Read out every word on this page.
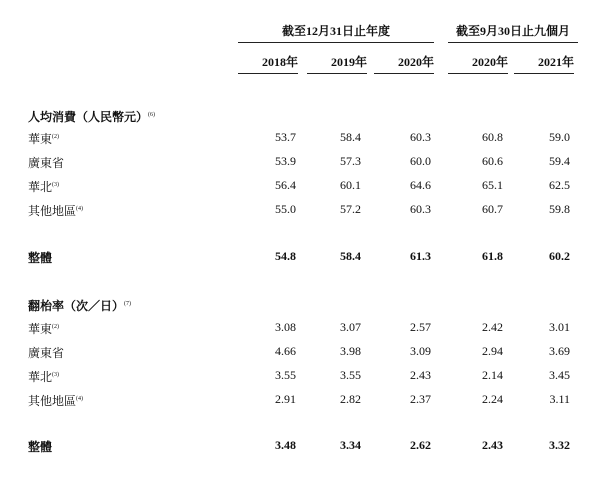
截至12月31日止年度	截至9月30日止九個月
2018年	2019年	2020年	2020年	2021年
人均消費（人民幣元）$^{(6)}$
華東$^{(2)}$	53.7	58.4	60.3	60.8	59.0
廣東省	53.9	57.3	60.0	60.6	59.4
華北$^{(3)}$	56.4	60.1	64.6	65.1	62.5
其他地區$^{(4)}$	55.0	57.2	60.3	60.7	59.8
整體	54.8	58.4	61.3	61.8	60.2
翻枱率（次／日）$^{(7)}$
華東$^{(2)}$	3.08	3.07	2.57	2.42	3.01
廣東省	4.66	3.98	3.09	2.94	3.69
華北$^{(3)}$	3.55	3.55	2.43	2.14	3.45
其他地區$^{(4)}$	2.91	2.82	2.37	2.24	3.11
整體	3.48	3.34	2.62	2.43	3.32
